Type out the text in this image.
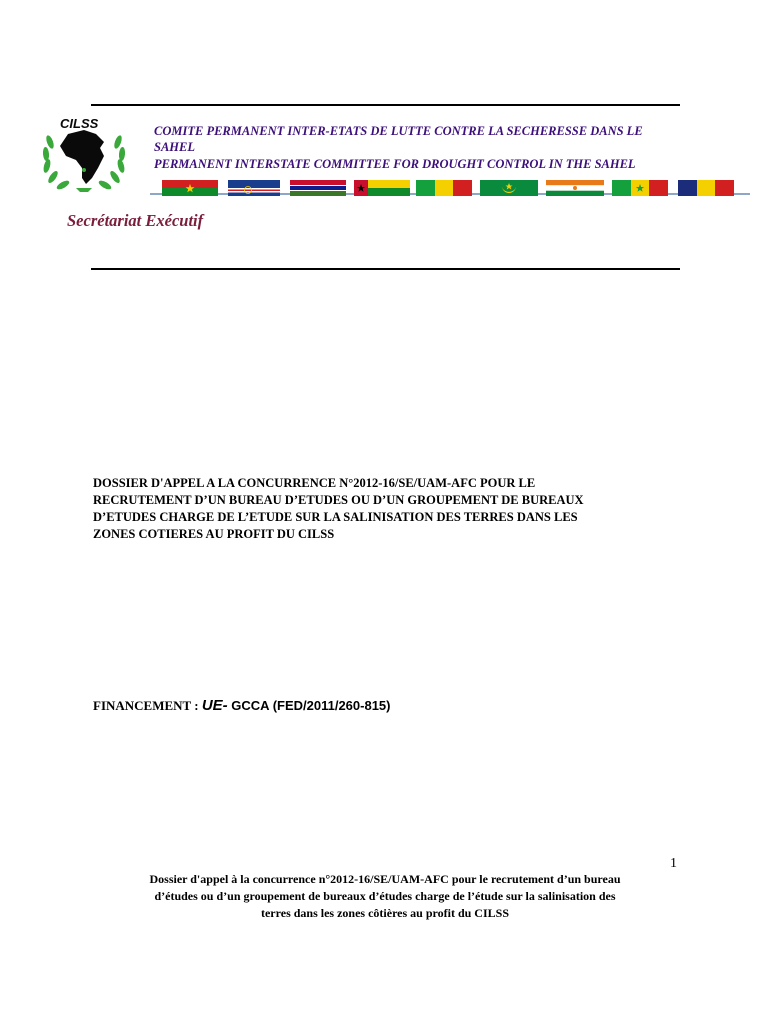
CILSS	COMITE PERMANENT INTER-ETATS DE LUTTE CONTRE LA SECHERESSE DANS LE
SAHEL
PERMANENT INTERSTATE COMMITTEE FOR DROUGHT CONTROL IN THE SAHEL
Secrétariat Exécutif
DOSSIER D'APPEL A LA CONCURRENCE N°2012-16/SE/UAM-AFC POUR LE
RECRUTEMENT D’UN BUREAU D’ETUDES OU D’UN GROUPEMENT DE BUREAUX
D’ETUDES CHARGE DE L’ETUDE SUR LA SALINISATION DES TERRES DANS LES
ZONES COTIERES AU PROFIT DU CILSS
FINANCEMENT : UE- GCCA (FED/2011/260-815)
1
Dossier d'appel à la concurrence n°2012-16/SE/UAM-AFC pour le recrutement d’un bureau
d’études ou d’un groupement de bureaux d’études charge de l’étude sur la salinisation des
terres dans les zones côtières au profit du CILSS
